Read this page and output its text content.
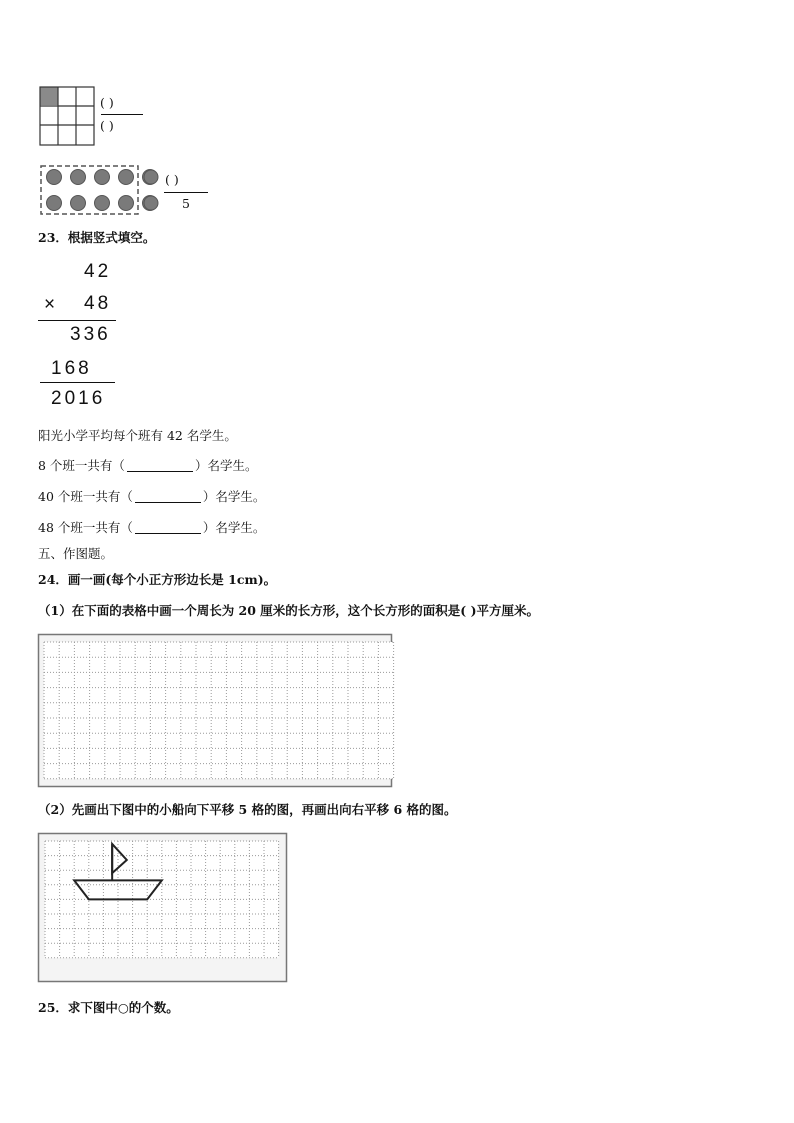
( )
( )
( )
5
23．根据竖式填空。
42
× 48
336
168
2016
阳光小学平均每个班有 42 名学生。
8 个班一共有（	）名学生。
40 个班一共有（	）名学生。
48 个班一共有（	）名学生。
五、作图题。
24．画一画(每个小正方形边长是 1cm)。
（1）在下面的表格中画一个周长为 20 厘米的长方形，这个长方形的面积是( )平方厘米。
（2）先画出下图中的小船向下平移 5 格的图，再画出向右平移 6 格的图。
25．求下图中○的个数。
